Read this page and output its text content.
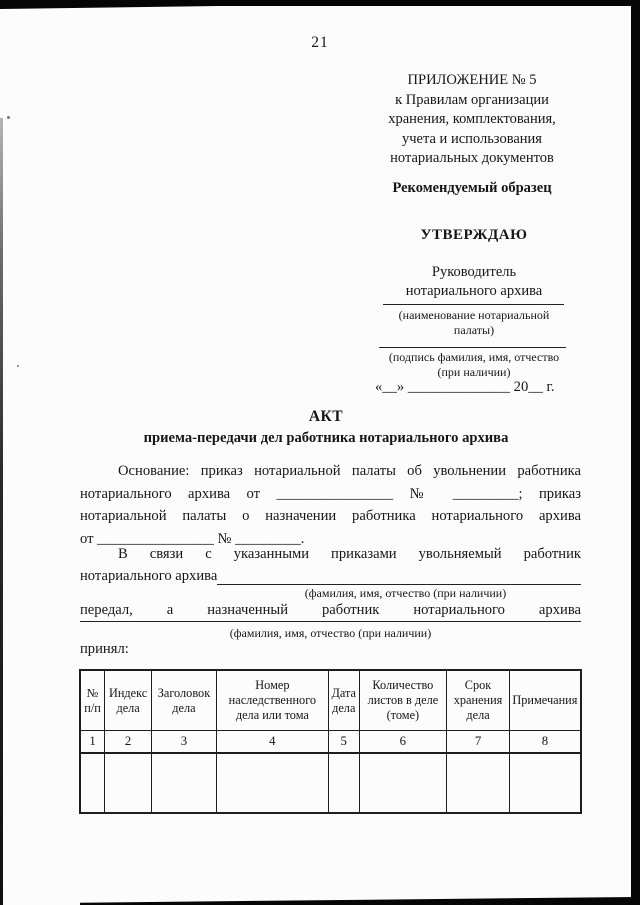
21
ПРИЛОЖЕНИЕ № 5
к Правилам организации
хранения, комплектования,
учета и использования
нотариальных документов
Рекомендуемый образец
УТВЕРЖДАЮ
Руководитель
нотариального архива
(наименование нотариальной
палаты)
(подпись фамилия, имя, отчество
(при наличии)
«__» ______________ 20__ г.
АКТ
приема-передачи дел работника нотариального архива
Основание: приказ нотариальной палаты об увольнении работника
нотариального архива от ________________ № _________; приказ
нотариальной палаты о назначении работника нотариального архива
от ________________ № _________.
В связи с указанными приказами увольняемый работник
нотариального архива
(фамилия, имя, отчество (при наличии)
передал, а назначенный работник нотариального архива
(фамилия, имя, отчество (при наличии)
принял:
№ п/п	Индекс дела	Заголовок дела	Номер наследственного дела или тома	Дата дела	Количество листов в деле (томе)	Срок хранения дела	Примечания
1	2	3	4	5	6	7	8
